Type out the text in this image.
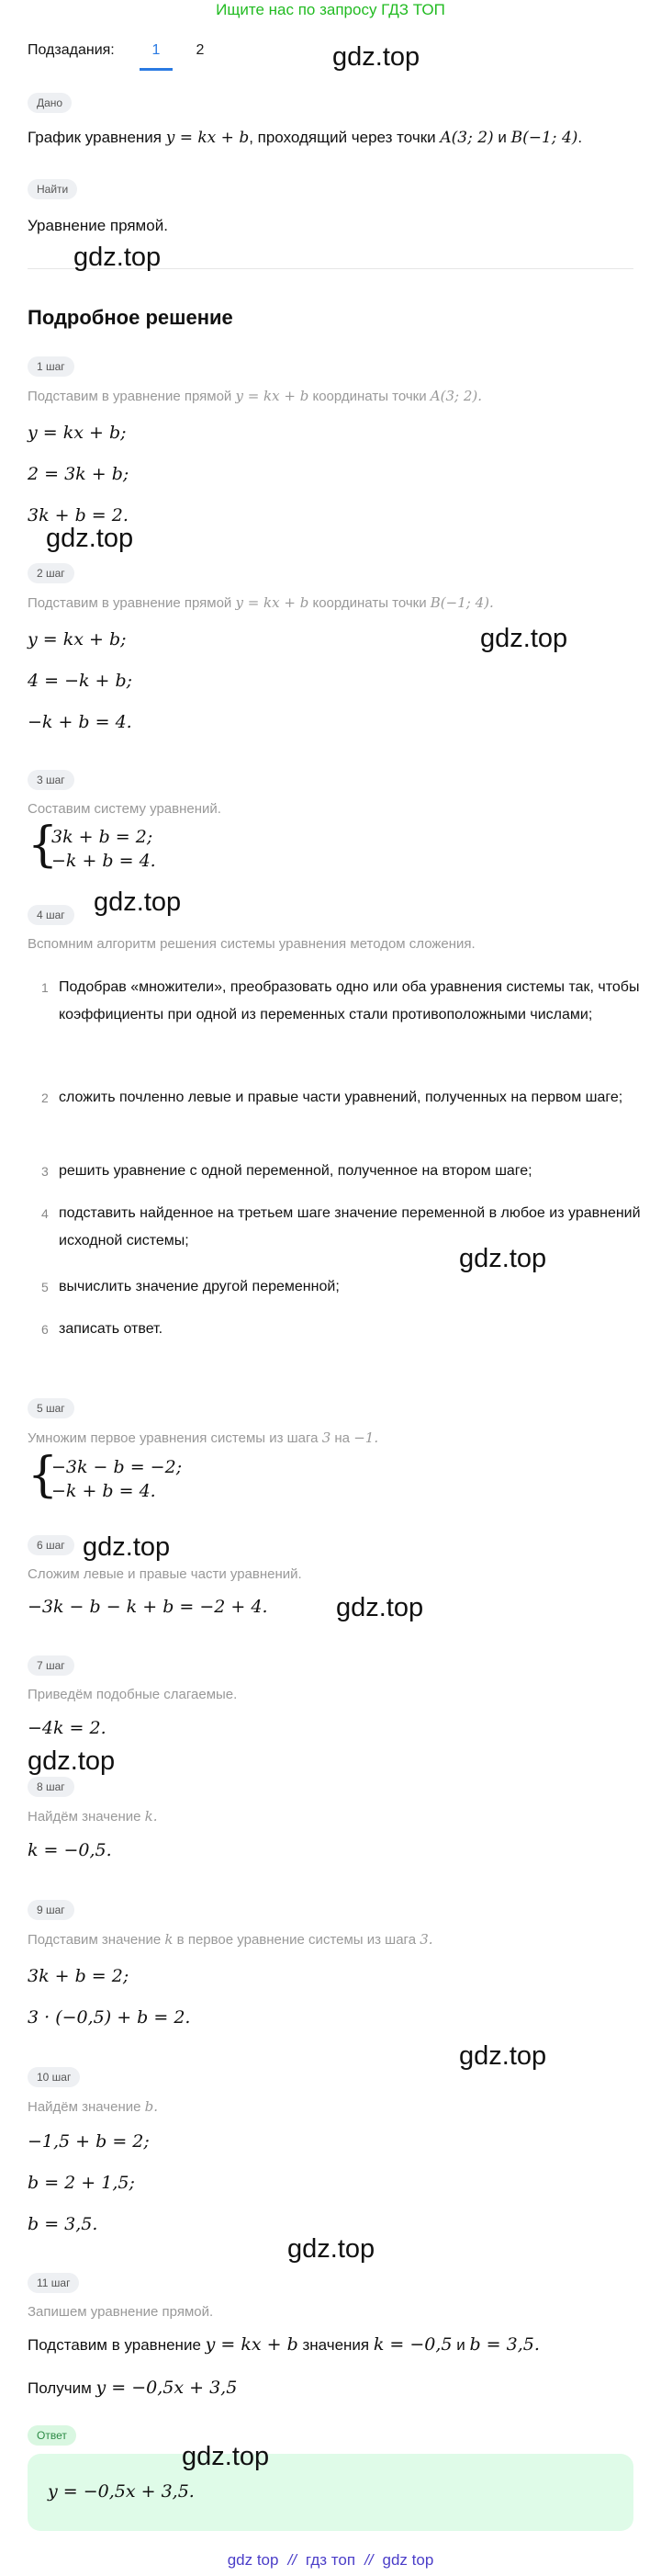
Ищите нас по запросу ГДЗ ТОП
Подзадания:	1	2
Дано
График уравнения y = kx + b, проходящий через точки A(3; 2) и B(−1; 4).
Найти
Уравнение прямой.
Подробное решение
1 шаг
Подставим в уравнение прямой y = kx + b координаты точки A(3; 2).
y = kx + b;
2 = 3k + b;
3k + b = 2.
2 шаг
Подставим в уравнение прямой y = kx + b координаты точки B(−1; 4).
y = kx + b;
4 = −k + b;
−k + b = 4.
3 шаг
Составим систему уравнений.
{
3k + b = 2;
−k + b = 4.
4 шаг
Вспомним алгоритм решения системы уравнения методом сложения.
1 Подобрав «множители», преобразовать одно или оба уравнения системы так, чтобы коэффициенты при одной из переменных стали противоположными числами;
2 сложить почленно левые и правые части уравнений, полученных на первом шаге;
3 решить уравнение с одной переменной, полученное на втором шаге;
4 подставить найденное на третьем шаге значение переменной в любое из уравнений исходной системы;
5 вычислить значение другой переменной;
6 записать ответ.
5 шаг
Умножим первое уравнения системы из шага 3 на −1.
{
−3k − b = −2;
−k + b = 4.
6 шаг
Сложим левые и правые части уравнений.
−3k − b − k + b = −2 + 4.
7 шаг
Приведём подобные слагаемые.
−4k = 2.
8 шаг
Найдём значение k.
k = −0,5.
9 шаг
Подставим значение k в первое уравнение системы из шага 3.
3k + b = 2;
3 · (−0,5) + b = 2.
10 шаг
Найдём значение b.
−1,5 + b = 2;
b = 2 + 1,5;
b = 3,5.
11 шаг
Запишем уравнение прямой.
Подставим в уравнение y = kx + b значения k = −0,5 и b = 3,5.
Получим y = −0,5x + 3,5
Ответ
y = −0,5x + 3,5.
gdz.top
gdz.top
gdz.top
gdz.top
gdz.top
gdz.top
gdz.top
gdz.top
gdz.top
gdz.top
gdz.top
gdz.top
gdz top // гдз топ // gdz top
